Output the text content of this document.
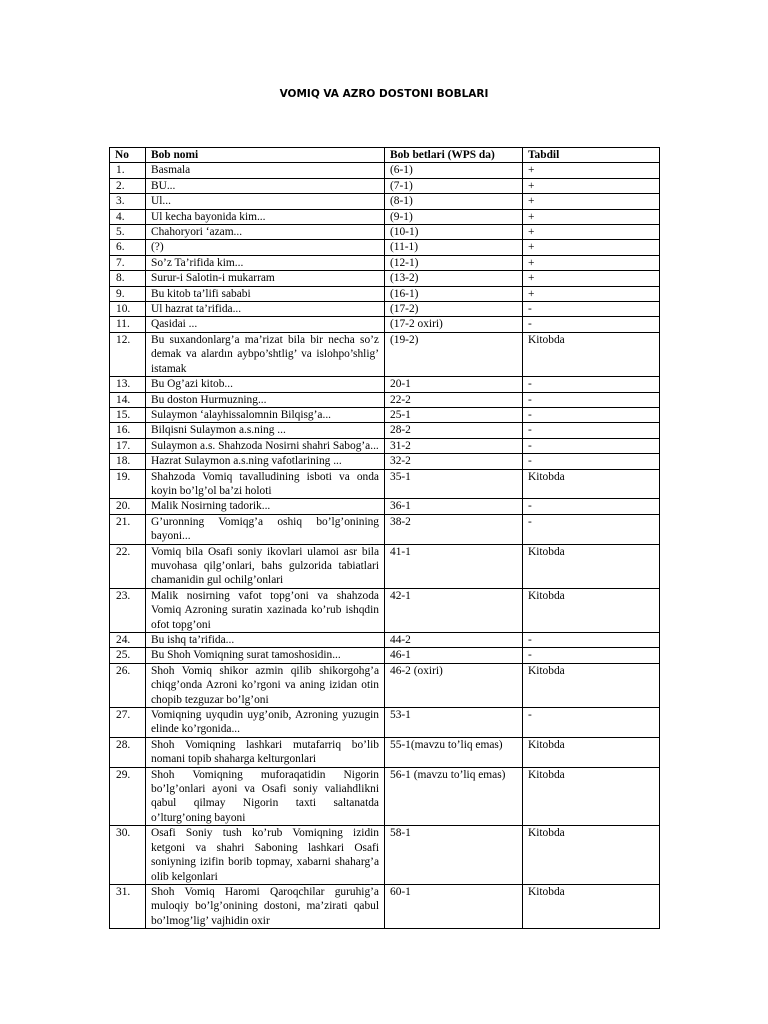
VOMIQ VA AZRO DOSTONI BOBLARI
No	Bob nomi	Bob betlari (WPS da)	Tabdil
1.	Basmala	(6-1)	+
2.	BU...	(7-1)	+
3.	Ul...	(8-1)	+
4.	Ul kecha bayonida kim...	(9-1)	+
5.	Chahoryori ‘azam...	(10-1)	+
6.	(?)	(11-1)	+
7.	So’z Ta’rifida kim...	(12-1)	+
8.	Surur-i Salotin-i mukarram	(13-2)	+
9.	Bu kitob ta’lifi sababi	(16-1)	+
10.	Ul hazrat ta’rifida...	(17-2)	-
11.	Qasidai ...	(17-2 oxiri)	-
12.	Bu suxandonlarg’a ma’rizat bila bir necha so’z demak va alardın aybpo’shtlig’ va islohpo’shlig’ istamak	(19-2)	Kitobda
13.	Bu Og’azi kitob...	20-1	-
14.	Bu doston Hurmuzning...	22-2	-
15.	Sulaymon ‘alayhissalomnin Bilqisg’a...	25-1	-
16.	Bilqisni Sulaymon a.s.ning ...	28-2	-
17.	Sulaymon a.s. Shahzoda Nosirni shahri Sabog’a...	31-2	-
18.	Hazrat Sulaymon a.s.ning vafotlarining ...	32-2	-
19.	Shahzoda Vomiq tavalludining isboti va onda koyin bo’lg’ol ba’zi holoti	35-1	Kitobda
20.	Malik Nosirning tadorik...	36-1	-
21.	G’uronning Vomiqg’a oshiq bo’lg’onining bayoni...	38-2	-
22.	Vomiq bila Osafi soniy ikovlari ulamoi asr bila muvohasa qilg’onlari, bahs gulzorida tabiatlari chamanidin gul ochilg’onlari	41-1	Kitobda
23.	Malik nosirning vafot topg’oni va shahzoda Vomiq Azroning suratin xazinada ko’rub ishqdin ofot topg’oni	42-1	Kitobda
24.	Bu ishq ta’rifida...	44-2	-
25.	Bu Shoh Vomiqning surat tamoshosidin...	46-1	-
26.	Shoh Vomiq shikor azmin qilib shikorgohg’a chiqg’onda Azroni ko’rgoni va aning izidan otin chopib tezguzar bo’lg’oni	46-2 (oxiri)	Kitobda
27.	Vomiqning uyqudin uyg’onib, Azroning yuzugin elinde ko’rgonida...	53-1	-
28.	Shoh Vomiqning lashkari mutafarriq bo’lib nomani topib shaharga kelturgonlari	55-1(mavzu to’liq emas)	Kitobda
29.	Shoh Vomiqning muforaqatidin Nigorin bo’lg’onlari ayoni va Osafi soniy valiahdlikni qabul qilmay Nigorin taxti saltanatda o’lturg’oning bayoni	56-1 (mavzu to’liq emas)	Kitobda
30.	Osafi Soniy tush ko’rub Vomiqning izidin ketgoni va shahri Saboning lashkari Osafi soniyning izifin borib topmay, xabarni shaharg’a olib kelgonlari	58-1	Kitobda
31.	Shoh Vomiq Haromi Qaroqchilar guruhig’a muloqiy bo’lg’onining dostoni, ma’zirati qabul bo’lmog’lig’ vajhidin oxir	60-1	Kitobda
